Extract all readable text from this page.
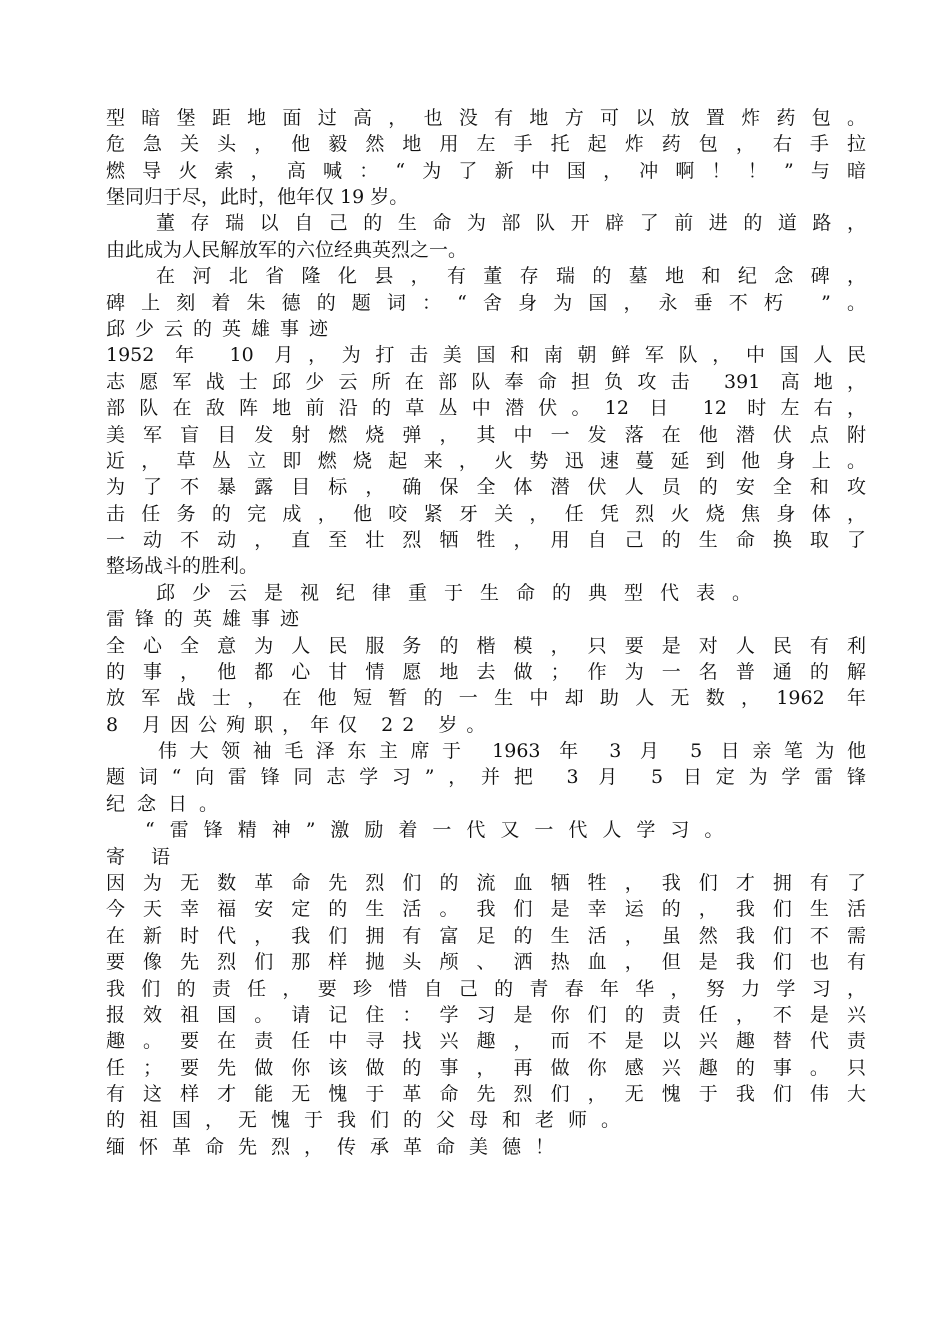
型暗堡距地面过高，也没有地方可以放置炸药包。
危急关头，他毅然地用左手托起炸药包，右手拉
燃导火索，高喊：“为了新中国，冲啊！！”与暗
堡同归于尽，此时，他年仅 19 岁。
董存瑞以自己的生命为部队开辟了前进的道路，
由此成为人民解放军的六位经典英烈之一。
在河北省隆化县，有董存瑞的墓地和纪念碑，
碑上刻着朱德的题词：“舍身为国，永垂不朽 ”。
邱少云的英雄事迹
1952 年 10 月，为打击美国和南朝鲜军队，中国人民
志愿军战士邱少云所在部队奉命担负攻击 391 高地，
部队在敌阵地前沿的草丛中潜伏。12 日 12 时左右，
美军盲目发射燃烧弹，其中一发落在他潜伏点附
近，草丛立即燃烧起来，火势迅速蔓延到他身上。
为了不暴露目标，确保全体潜伏人员的安全和攻
击任务的完成，他咬紧牙关，任凭烈火烧焦身体，
一动不动，直至壮烈牺牲，用自己的生命换取了
整场战斗的胜利。
邱少云是视纪律重于生命的典型代表。
雷锋的英雄事迹
全心全意为人民服务的楷模，只要是对人民有利
的事，他都心甘情愿地去做；作为一名普通的解
放军战士，在他短暂的一生中却助人无数，1962 年
8 月因公殉职，年仅 22 岁。
伟大领袖毛泽东主席于 1963 年 3 月 5 日亲笔为他
题词“向雷锋同志学习”，并把 3 月 5 日定为学雷锋
纪念日。
“雷锋精神”激励着一代又一代人学习。
寄 语
因为无数革命先烈们的流血牺牲，我们才拥有了
今天幸福安定的生活。我们是幸运的，我们生活
在新时代，我们拥有富足的生活，虽然我们不需
要像先烈们那样抛头颅、洒热血，但是我们也有
我们的责任，要珍惜自己的青春年华，努力学习，
报效祖国。请记住：学习是你们的责任，不是兴
趣。要在责任中寻找兴趣，而不是以兴趣替代责
任；要先做你该做的事，再做你感兴趣的事。只
有这样才能无愧于革命先烈们，无愧于我们伟大
的祖国，无愧于我们的父母和老师。
缅怀革命先烈，传承革命美德！
